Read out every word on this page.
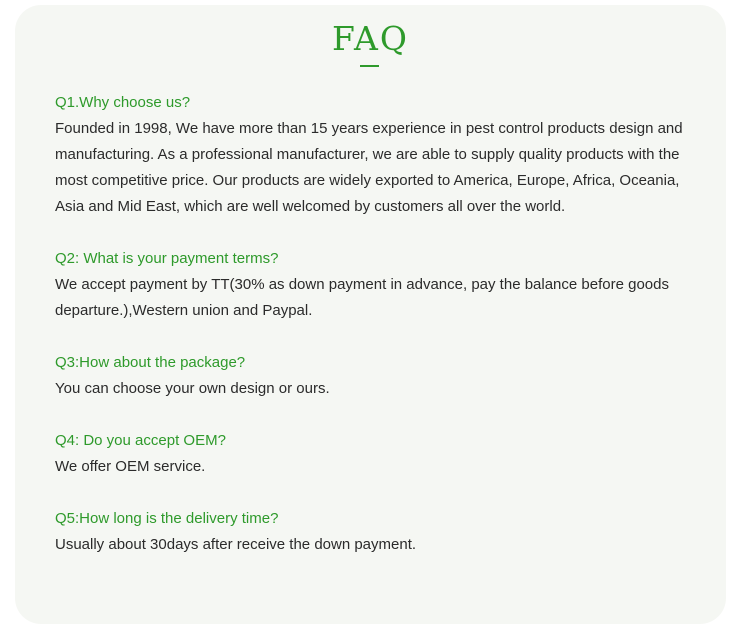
FAQ
Q1.Why choose us?
Founded in 1998, We have more than 15 years experience in pest control products design and manufacturing. As a professional manufacturer, we are able to supply quality products with the most competitive price. Our products are widely exported to America, Europe, Africa, Oceania, Asia and Mid East, which are well welcomed by customers all over the world.
Q2: What is your payment terms?
We accept payment by TT(30% as down payment in advance, pay the balance before goods departure.),Western union and Paypal.
Q3:How about the package?
You can choose your own design or ours.
Q4: Do you accept OEM?
We offer OEM service.
Q5:How long is the delivery time?
Usually about 30days after receive the down payment.
